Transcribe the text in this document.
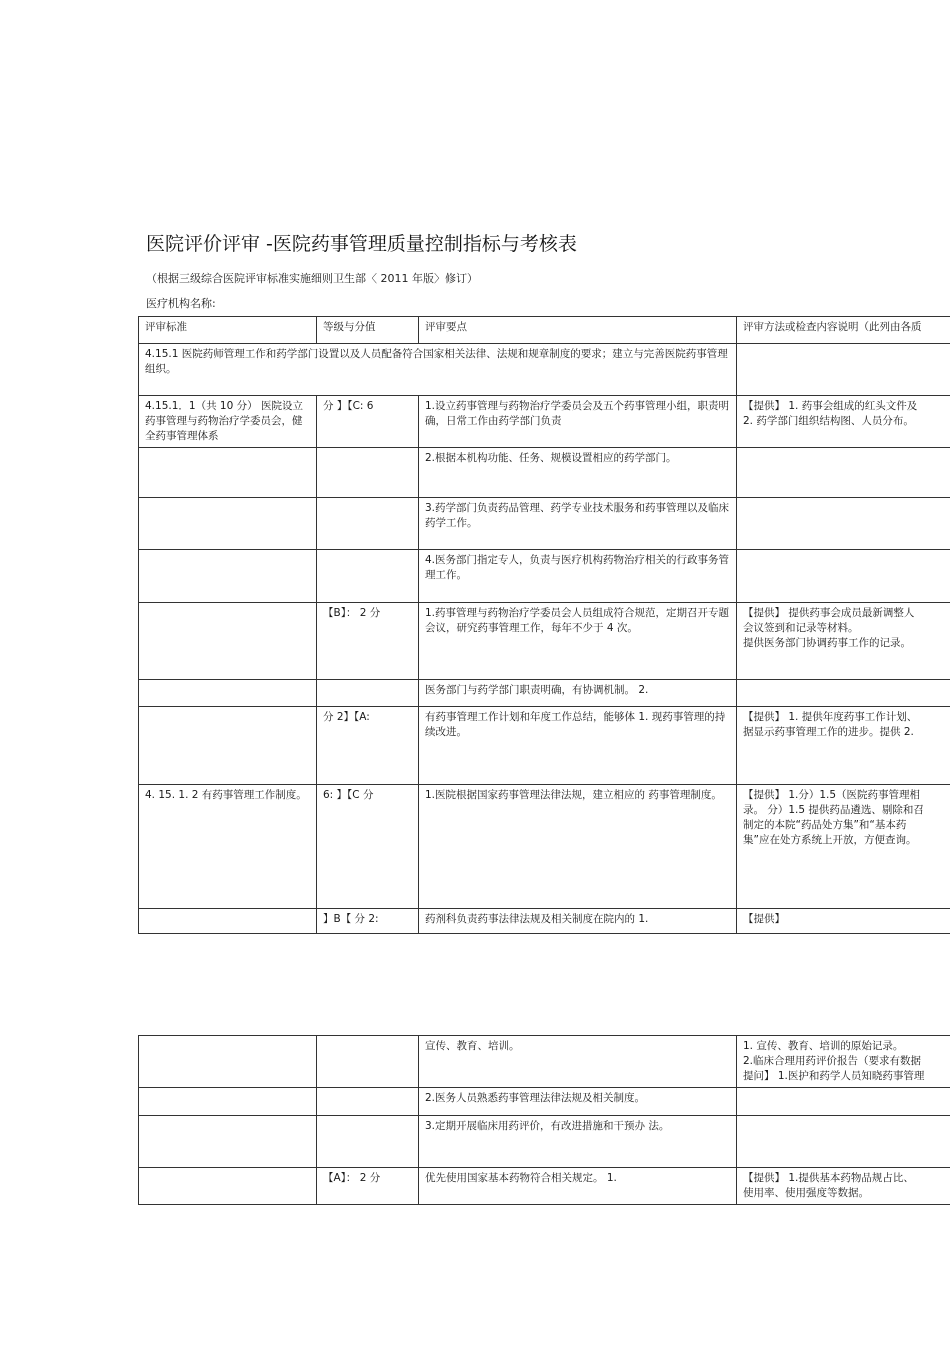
医院评价评审 -医院药事管理质量控制指标与考核表
（根据三级综合医院评审标准实施细则卫生部〈 2011 年版〉修订）
医疗机构名称:
评审标准	等级与分值	评审要点	评审方法或检查内容说明（此列由各质
4.15.1 医院药师管理工作和药学部门设置以及人员配备符合国家相关法律、法规和规章制度的要求；建立与完善医院药事管理组织。			
4.15.1．1（共 10 分） 医院设立药事管理与药物治疗学委员会，健全药事管理体系	分 】【C: 6	1.设立药事管理与药物治疗学委员会及五个药事管理小组，职责明确，日常工作由药学部门负责	【提供】 1. 药事会组成的红头文件及
2. 药学部门组织结构图、人员分布。
		2.根据本机构功能、任务、规模设置相应的药学部门。	
		3.药学部门负责药品管理、药学专业技术服务和药事管理以及临床药学工作。	
		4.医务部门指定专人，负责与医疗机构药物治疗相关的行政事务管理工作。	
	【B】： 2 分	1.药事管理与药物治疗学委员会人员组成符合规范，定期召开专题会议，研究药事管理工作，每年不少于 4 次。	【提供】 提供药事会成员最新调整人
会议签到和记录等材料。
提供医务部门协调药事工作的记录。
		医务部门与药学部门职责明确，有协调机制。 2.	
	分 2】【A:	有药事管理工作计划和年度工作总结，能够体 1. 现药事管理的持续改进。	【提供】 1. 提供年度药事工作计划、
据显示药事管理工作的进步。提供 2.
4. 15. 1. 2 有药事管理工作制度。	6: 】【C 分	1.医院根据国家药事管理法律法规，建立相应的 药事管理制度。	【提供】 1.分）1.5（医院药事管理相
录。 分）1.5 提供药品遴选、剔除和召
制定的本院“药品处方集”和“基本药
集”应在处方系统上开放，方便查询。
	】B【 分 2:	药剂科负责药事法律法规及相关制度在院内的 1.	【提供】
		宣传、教育、培训。	1. 宣传、教育、培训的原始记录。
2.临床合理用药评价报告（要求有数据
提问】 1.医护和药学人员知晓药事管理
		2.医务人员熟悉药事管理法律法规及相关制度。	
		3.定期开展临床用药评价，有改进措施和干预办 法。	
	【A】： 2 分	优先使用国家基本药物符合相关规定。 1.	【提供】 1.提供基本药物品规占比、
使用率、使用强度等数据。
